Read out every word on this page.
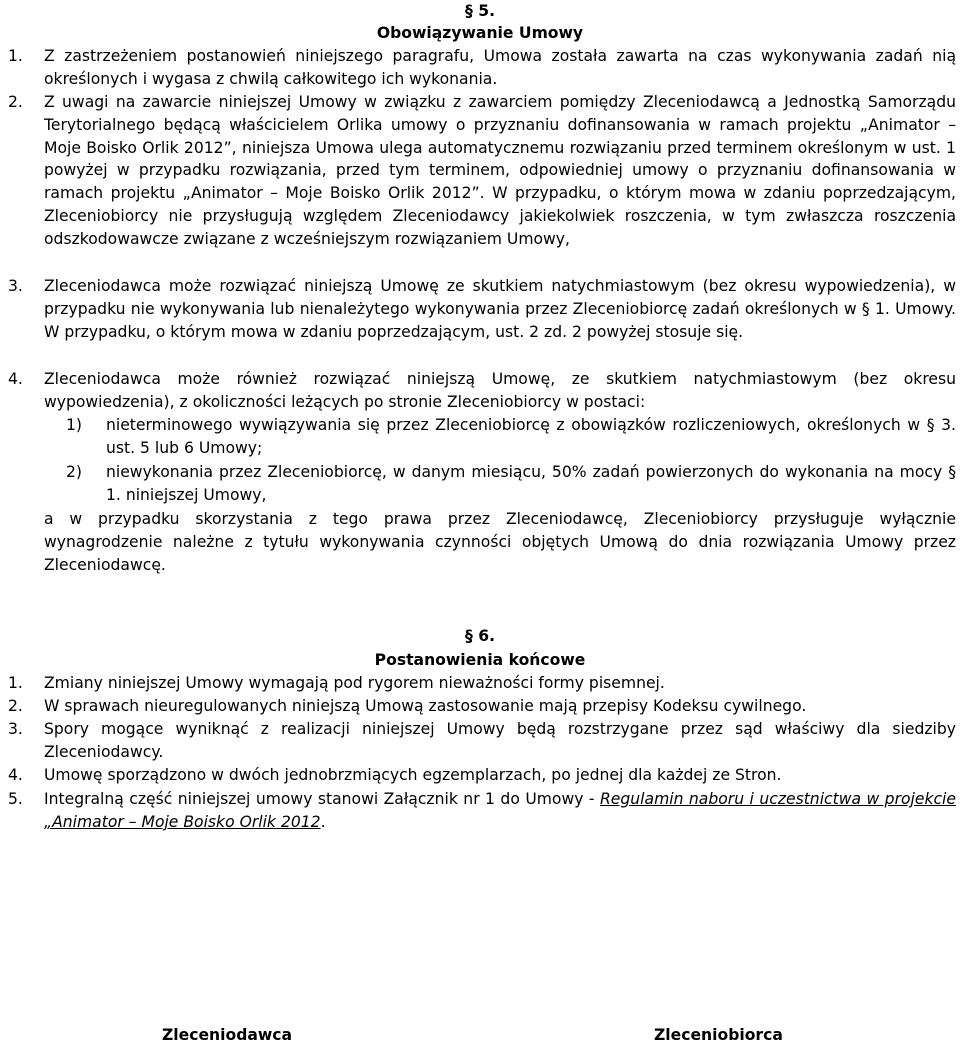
§ 5.
Obowiązywanie Umowy
1. Z zastrzeżeniem postanowień niniejszego paragrafu, Umowa została zawarta na czas wykonywania zadań nią określonych i wygasa z chwilą całkowitego ich wykonania.
2. Z uwagi na zawarcie niniejszej Umowy w związku z zawarciem pomiędzy Zleceniodawcą a Jednostką Samorządu Terytorialnego będącą właścicielem Orlika umowy o przyznaniu dofinansowania w ramach projektu „Animator – Moje Boisko Orlik 2012”, niniejsza Umowa ulega automatycznemu rozwiązaniu przed terminem określonym w ust. 1 powyżej w przypadku rozwiązania, przed tym terminem, odpowiedniej umowy o przyznaniu dofinansowania w ramach projektu „Animator – Moje Boisko Orlik 2012”. W przypadku, o którym mowa w zdaniu poprzedzającym, Zleceniobiorcy nie przysługują względem Zleceniodawcy jakiekolwiek roszczenia, w tym zwłaszcza roszczenia odszkodowawcze związane z wcześniejszym rozwiązaniem Umowy,
3. Zleceniodawca może rozwiązać niniejszą Umowę ze skutkiem natychmiastowym (bez okresu wypowiedzenia), w przypadku nie wykonywania lub nienależytego wykonywania przez Zleceniobiorcę zadań określonych w § 1. Umowy. W przypadku, o którym mowa w zdaniu poprzedzającym, ust. 2 zd. 2 powyżej stosuje się.
4. Zleceniodawca może również rozwiązać niniejszą Umowę, ze skutkiem natychmiastowym (bez okresu wypowiedzenia), z okoliczności leżących po stronie Zleceniobiorcy w postaci:
1) nieterminowego wywiązywania się przez Zleceniobiorcę z obowiązków rozliczeniowych, określonych w § 3. ust. 5 lub 6 Umowy;
2) niewykonania przez Zleceniobiorcę, w danym miesiącu, 50% zadań powierzonych do wykonania na mocy § 1. niniejszej Umowy,
a w przypadku skorzystania z tego prawa przez Zleceniodawcę, Zleceniobiorcy przysługuje wyłącznie wynagrodzenie należne z tytułu wykonywania czynności objętych Umową do dnia rozwiązania Umowy przez Zleceniodawcę.
§ 6.
Postanowienia końcowe
1. Zmiany niniejszej Umowy wymagają pod rygorem nieważności formy pisemnej.
2. W sprawach nieuregulowanych niniejszą Umową zastosowanie mają przepisy Kodeksu cywilnego.
3. Spory mogące wyniknąć z realizacji niniejszej Umowy będą rozstrzygane przez sąd właściwy dla siedziby Zleceniodawcy.
4. Umowę sporządzono w dwóch jednobrzmiących egzemplarzach, po jednej dla każdej ze Stron.
5. Integralną część niniejszej umowy stanowi Załącznik nr 1 do Umowy - Regulamin naboru i uczestnictwa w projekcie „Animator – Moje Boisko Orlik 2012.
Zleceniodawca	Zleceniobiorca
